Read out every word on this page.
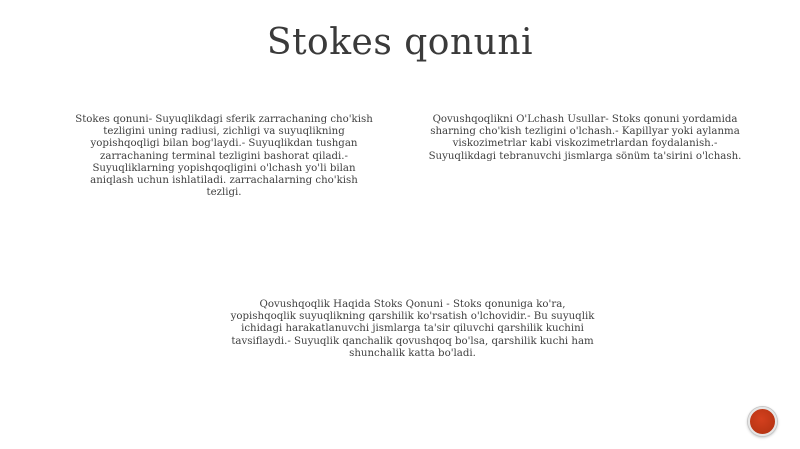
Stokes qonuni

Stokes qonuni- Suyuqlikdagi sferik zarrachaning cho'kish tezligini uning radiusi, zichligi va suyuqlikning yopishqoqligi bilan bog'laydi.- Suyuqlikdan tushgan zarrachaning terminal tezligini bashorat qiladi.- Suyuqliklarning yopishqoqligini o'lchash yo'li bilan aniqlash uchun ishlatiladi. zarrachalarning cho'kish tezligi.

Qovushqoqlikni O'Lchash Usullar- Stoks qonuni yordamida sharning cho'kish tezligini o'lchash.- Kapillyar yoki aylanma viskozimetrlar kabi viskozimetrlardan foydalanish.- Suyuqlikdagi tebranuvchi jismlarga sönüm ta'sirini o'lchash.

Qovushqoqlik Haqida Stoks Qonuni - Stoks qonuniga ko'ra, yopishqoqlik suyuqlikning qarshilik ko'rsatish o'lchovidir.- Bu suyuqlik ichidagi harakatlanuvchi jismlarga ta'sir qiluvchi qarshilik kuchini tavsiflaydi.- Suyuqlik qanchalik qovushqoq bo'lsa, qarshilik kuchi ham shunchalik katta bo'ladi.
